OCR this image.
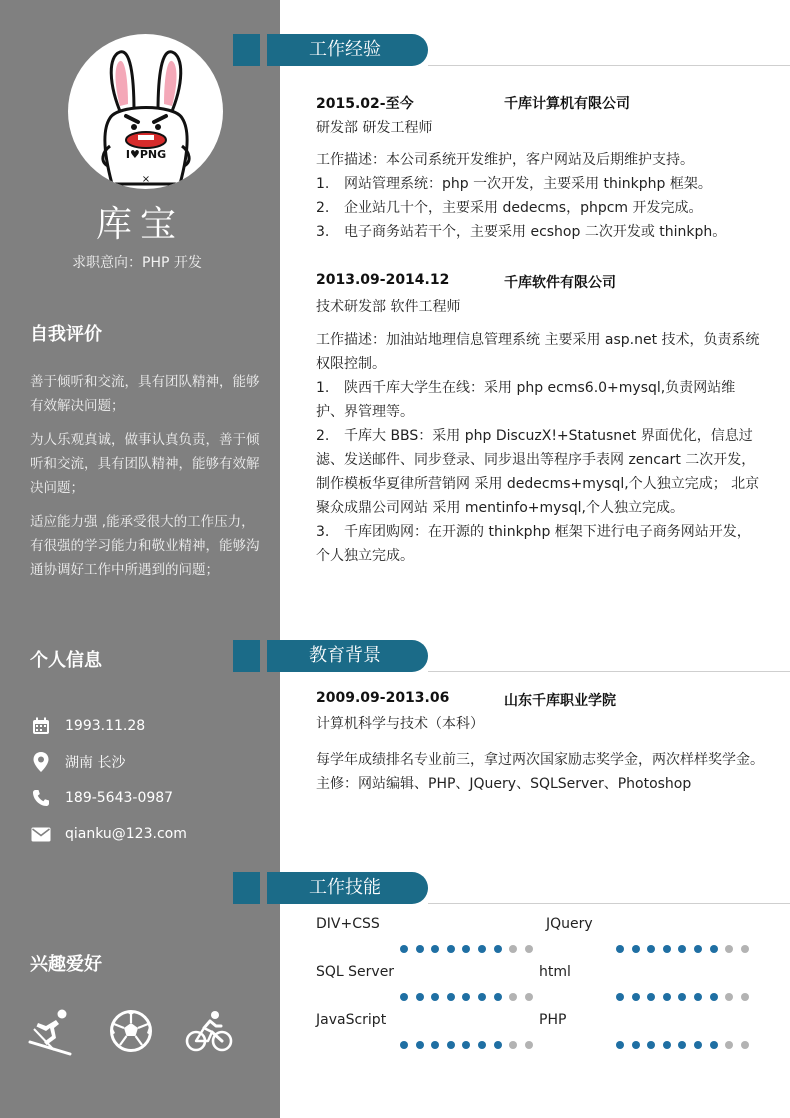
I♥PNG
×
库宝
求职意向：PHP 开发
自我评价

善于倾听和交流，具有团队精神，能够有效解决问题；

为人乐观真诚，做事认真负责，善于倾听和交流，具有团队精神，能够有效解决问题；

适应能力强 ,能承受很大的工作压力，有很强的学习能力和敬业精神，能够沟通协调好工作中所遇到的问题；

个人信息
1993.11.28
湖南 长沙
189-5643-0987
qianku@123.com
兴趣爱好
工作经验
2015.02-至今	千库计算机有限公司
研发部 研发工程师
工作描述：本公司系统开发维护，客户网站及后期维护支持。
1. 网站管理系统：php 一次开发，主要采用 thinkphp 框架。
2. 企业站几十个，主要采用 dedecms，phpcm 开发完成。
3. 电子商务站若干个，主要采用 ecshop 二次开发或 thinkph。
2013.09-2014.12	千库软件有限公司
技术研发部 软件工程师
工作描述：加油站地理信息管理系统 主要采用 asp.net 技术，负责系统权限控制。
1. 陕西千库大学生在线：采用 php ecms6.0+mysql,负责网站维护、界管理等。
2. 千库大 BBS：采用 php DiscuzX!+Statusnet 界面优化，信息过滤、发送邮件、同步登录、同步退出等程序手表网 zencart 二次开发，制作模板华夏律所营销网 采用 dedecms+mysql,个人独立完成； 北京聚众成鼎公司网站 采用 mentinfo+mysql,个人独立完成。
3. 千库团购网：在开源的 thinkphp 框架下进行电子商务网站开发，个人独立完成。
教育背景
2009.09-2013.06	山东千库职业学院
计算机科学与技术（本科）
每学年成绩排名专业前三，拿过两次国家励志奖学金，两次样样奖学金。
主修：网站编辑、PHP、JQuery、SQLServer、Photoshop
工作技能
DIV+CSS	JQuery
SQL Server	html
JavaScript	PHP
